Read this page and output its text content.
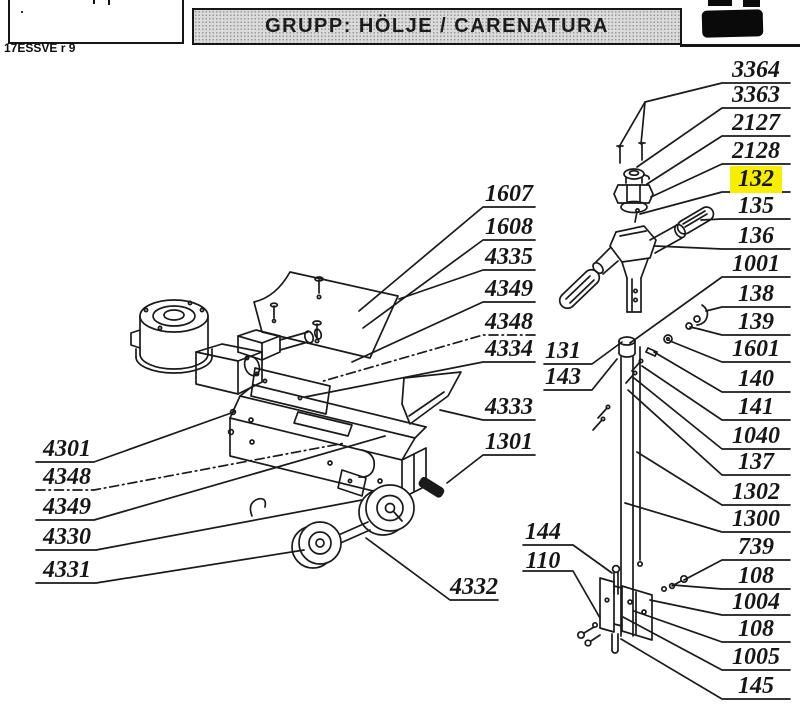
GRUPP: HÖLJE / CARENATURA
17ESSVE r 9
3364
3363
2127
2128
132
135
136
1001
138
139
1601
140
141
1040
137
1302
1300
739
108
1004
108
1005
145
1607
1608
4335
4349
4348
4334
4333
1301
131
143
4301
4348
4349
4330
4331
4332
144
110
